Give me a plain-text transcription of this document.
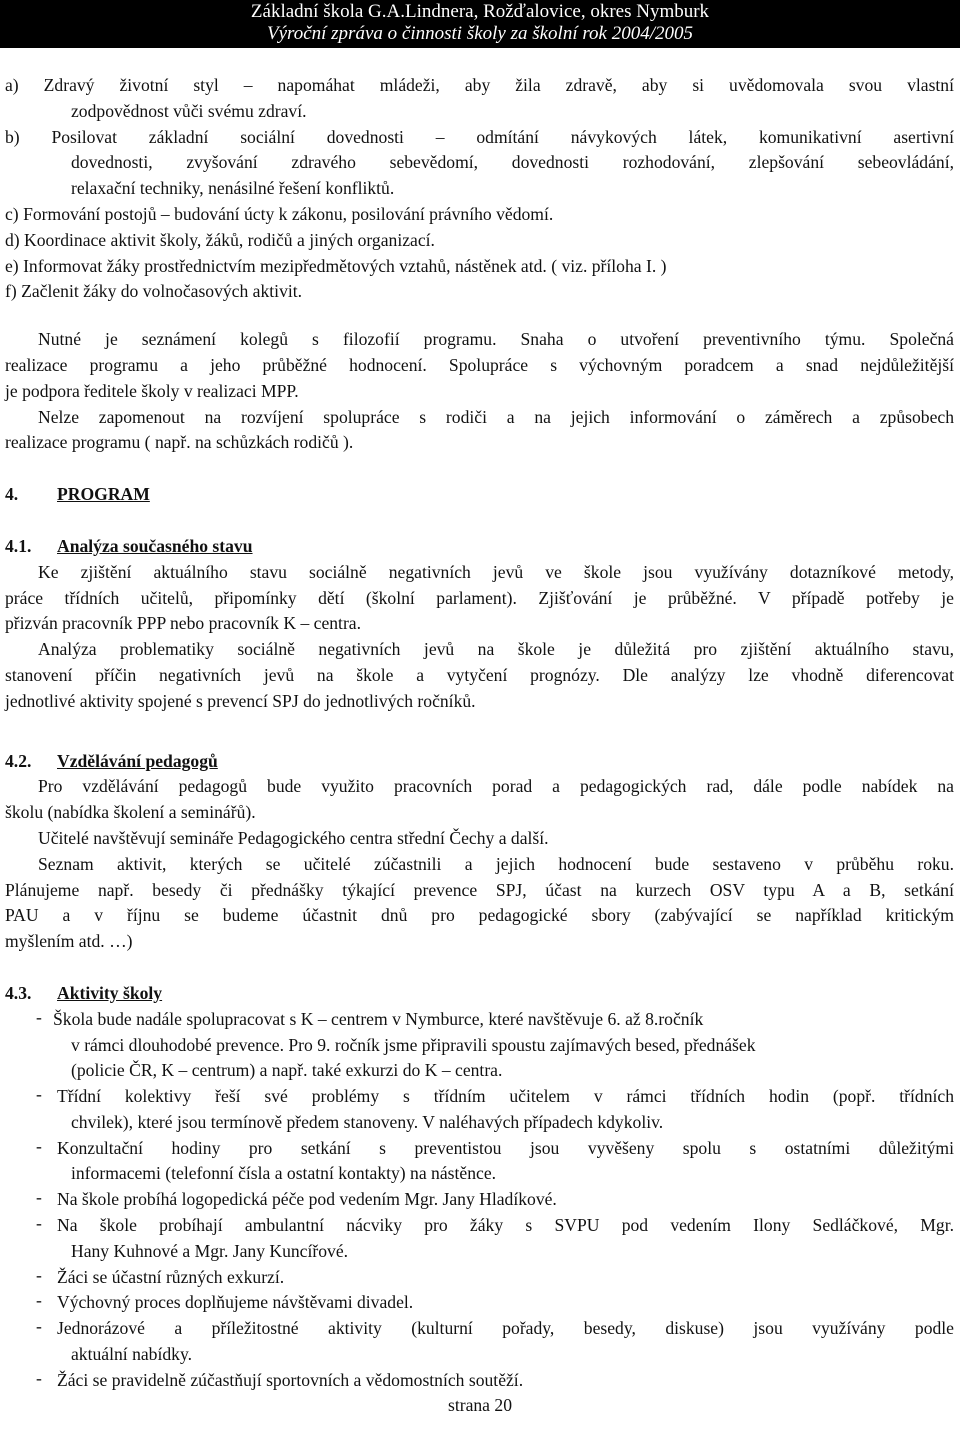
Základní škola G.A.Lindnera, Rožďalovice, okres Nymburk
Výroční zpráva o činnosti školy za školní rok 2004/2005
a) Zdravý životní styl – napomáhat mládeži, aby žila zdravě, aby si uvědomovala svou vlastní
zodpovědnost vůči svému zdraví.
b) Posilovat základní sociální dovednosti – odmítání návykových látek, komunikativní asertivní
dovednosti, zvyšování zdravého sebevědomí, dovednosti rozhodování, zlepšování sebeovládání,
relaxační techniky, nenásilné řešení konfliktů.
c) Formování postojů – budování úcty k zákonu, posilování právního vědomí.
d) Koordinace aktivit školy, žáků, rodičů a jiných organizací.
e) Informovat žáky prostřednictvím mezipředmětových vztahů, nástěnek atd. ( viz. příloha I. )
f) Začlenit žáky do volnočasových aktivit.
Nutné je seznámení kolegů s filozofií programu. Snaha o utvoření preventivního týmu. Společná
realizace programu a jeho průběžné hodnocení. Spolupráce s výchovným poradcem a snad nejdůležitější
je podpora ředitele školy v realizaci MPP.
Nelze zapomenout na rozvíjení spolupráce s rodiči a na jejich informování o záměrech a způsobech
realizace programu ( např. na schůzkách rodičů ).
4. PROGRAM
4.1. Analýza současného stavu
Ke zjištění aktuálního stavu sociálně negativních jevů ve škole jsou využívány dotazníkové metody,
práce třídních učitelů, připomínky dětí (školní parlament). Zjišťování je průběžné. V případě potřeby je
přizván pracovník PPP nebo pracovník K – centra.
Analýza problematiky sociálně negativních jevů na škole je důležitá pro zjištění aktuálního stavu,
stanovení příčin negativních jevů na škole a vytyčení prognózy. Dle analýzy lze vhodně diferencovat
jednotlivé aktivity spojené s prevencí SPJ do jednotlivých ročníků.
4.2. Vzdělávání pedagogů
Pro vzdělávání pedagogů bude využito pracovních porad a pedagogických rad, dále podle nabídek na
školu (nabídka školení a seminářů).
Učitelé navštěvují semináře Pedagogického centra střední Čechy a další.
Seznam aktivit, kterých se učitelé zúčastnili a jejich hodnocení bude sestaveno v průběhu roku.
Plánujeme např. besedy či přednášky týkající prevence SPJ, účast na kurzech OSV typu A a B, setkání
PAU a v říjnu se budeme účastnit dnů pro pedagogické sbory (zabývající se například kritickým
myšlením atd. …)
4.3. Aktivity školy
- Škola bude nadále spolupracovat s K – centrem v Nymburce, které navštěvuje 6. až 8.ročník
v rámci dlouhodobé prevence. Pro 9. ročník jsme připravili spoustu zajímavých besed, přednášek
(policie ČR, K – centrum) a např. také exkurzi do K – centra.
- Třídní kolektivy řeší své problémy s třídním učitelem v rámci třídních hodin (popř. třídních
chvilek), které jsou termínově předem stanoveny. V naléhavých případech kdykoliv.
- Konzultační hodiny pro setkání s preventistou jsou vyvěšeny spolu s ostatními důležitými
informacemi (telefonní čísla a ostatní kontakty) na nástěnce.
- Na škole probíhá logopedická péče pod vedením Mgr. Jany Hladíkové.
- Na škole probíhají ambulantní nácviky pro žáky s SVPU pod vedením Ilony Sedláčkové, Mgr.
Hany Kuhnové a Mgr. Jany Kuncířové.
- Žáci se účastní různých exkurzí.
- Výchovný proces doplňujeme návštěvami divadel.
- Jednorázové a příležitostné aktivity (kulturní pořady, besedy, diskuse) jsou využívány podle
aktuální nabídky.
- Žáci se pravidelně zúčastňují sportovních a vědomostních soutěží.
strana 20
